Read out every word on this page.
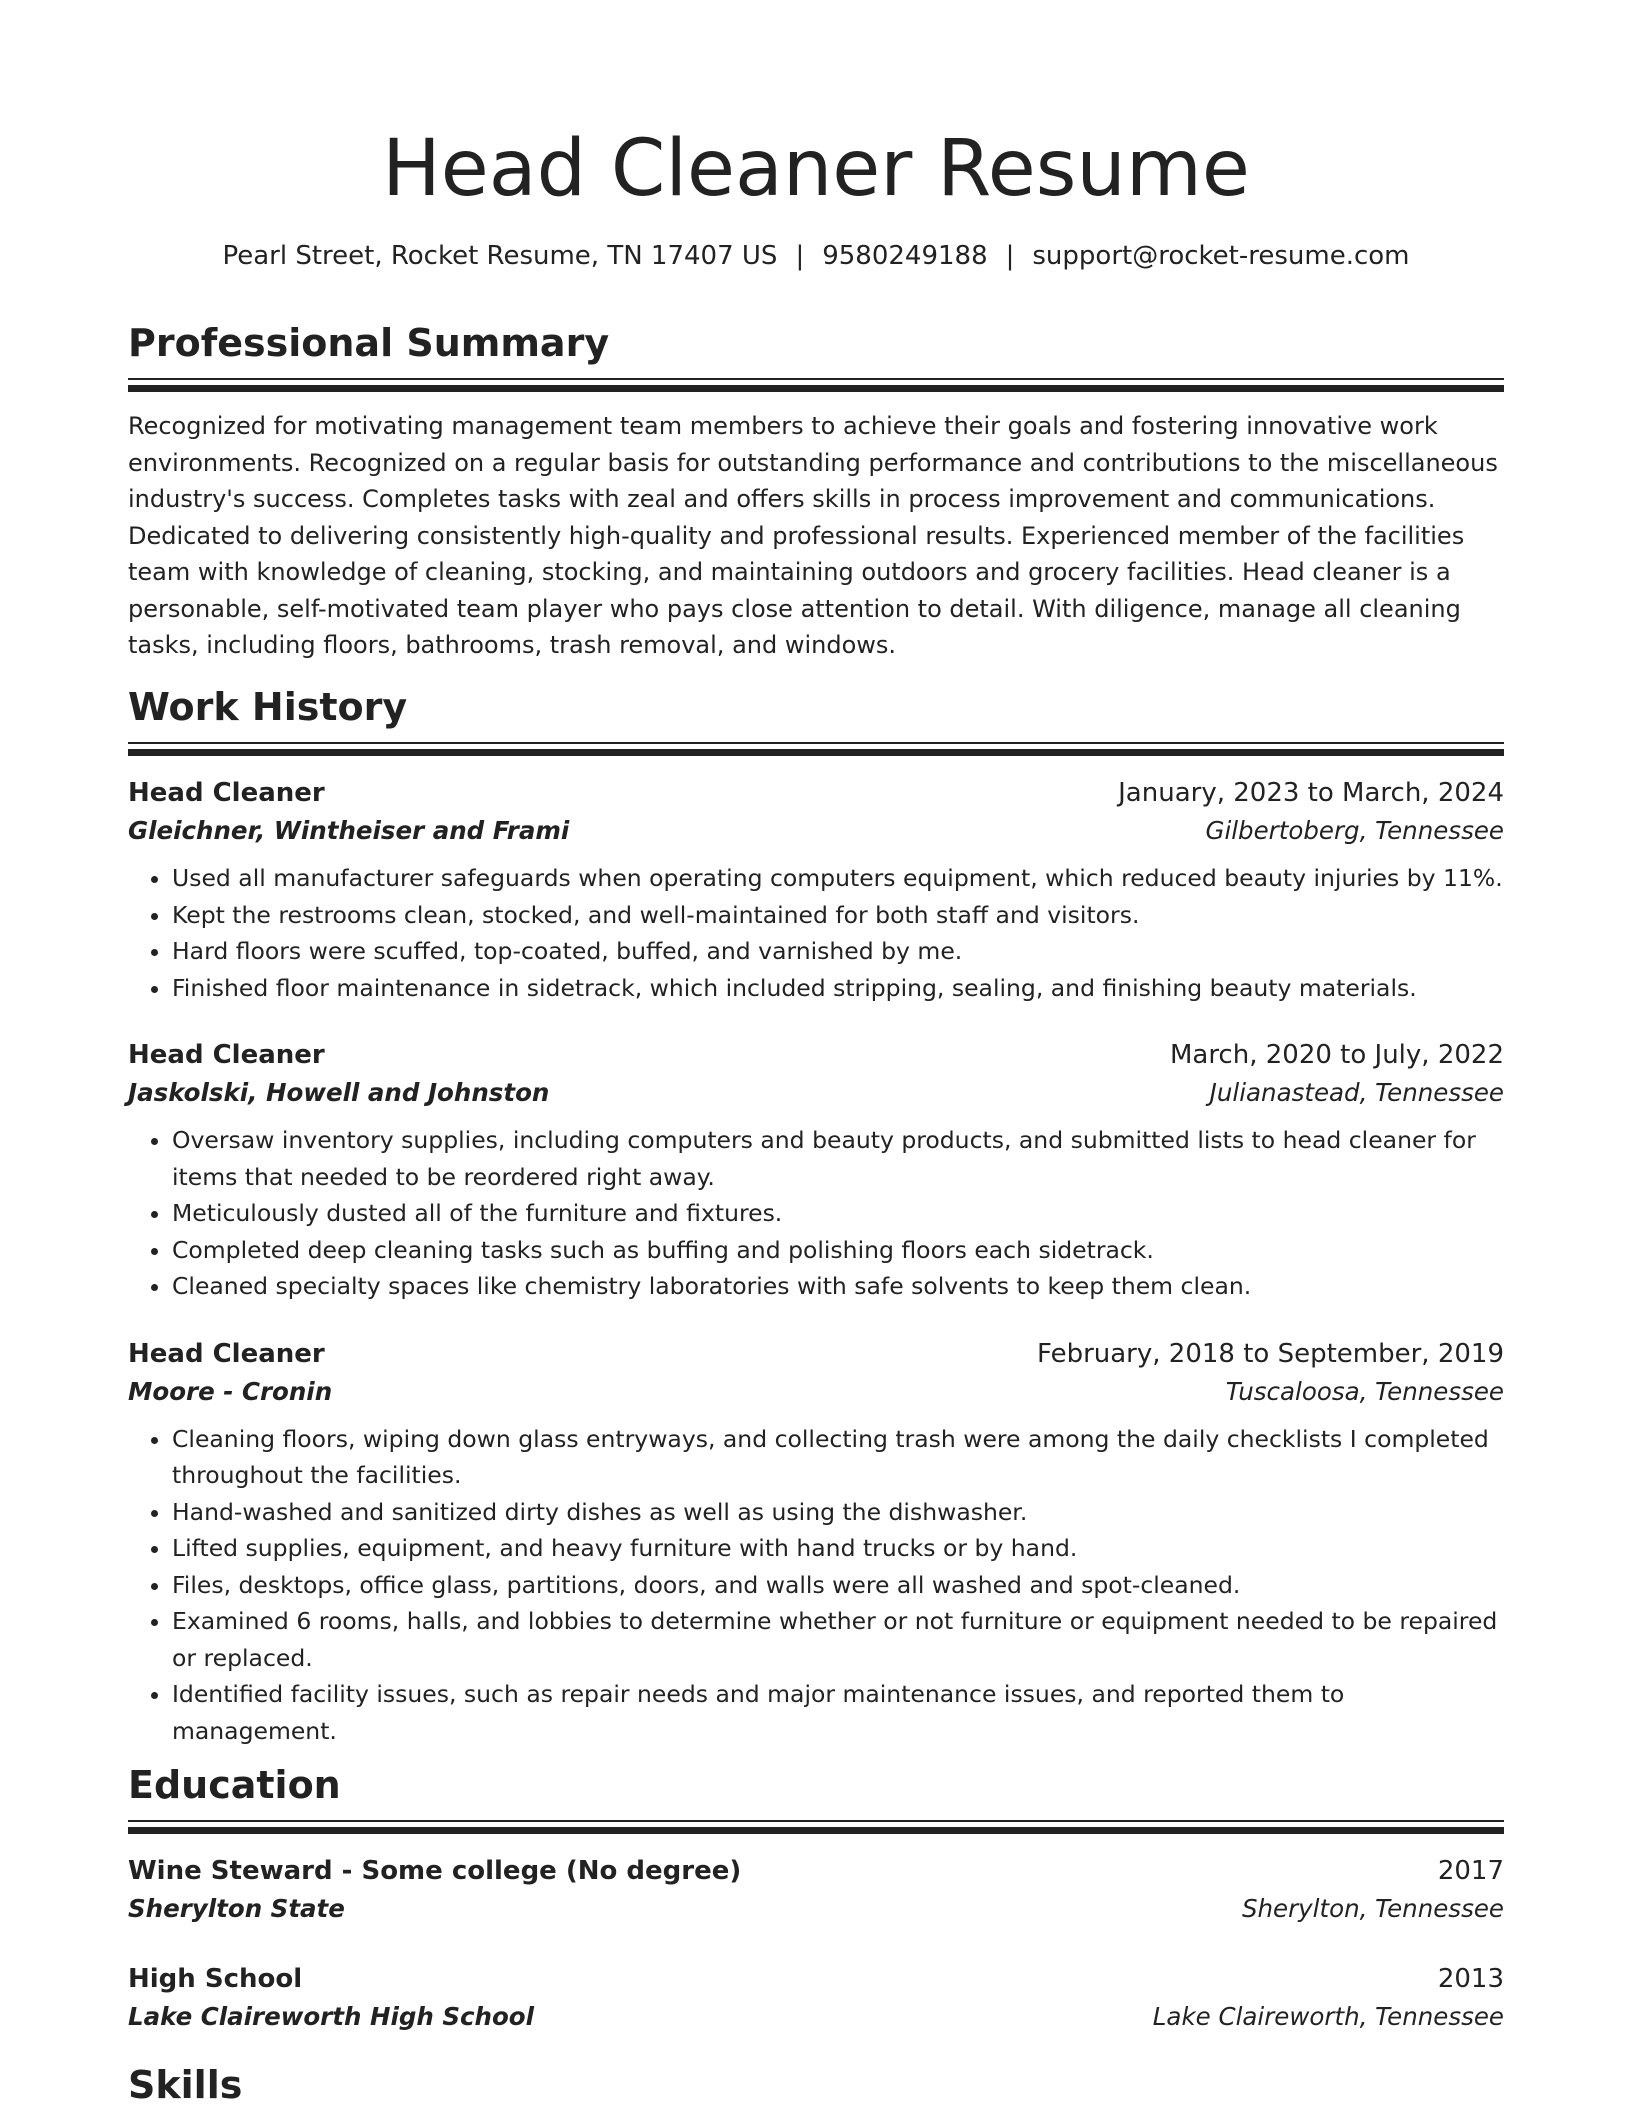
Head Cleaner Resume
Pearl Street, Rocket Resume, TN 17407 US | 9580249188 | support@rocket-resume.com
Professional Summary
Recognized for motivating management team members to achieve their goals and fostering innovative work environments. Recognized on a regular basis for outstanding performance and contributions to the miscellaneous industry's success. Completes tasks with zeal and offers skills in process improvement and communications. Dedicated to delivering consistently high-quality and professional results. Experienced member of the facilities team with knowledge of cleaning, stocking, and maintaining outdoors and grocery facilities. Head cleaner is a personable, self-motivated team player who pays close attention to detail. With diligence, manage all cleaning tasks, including floors, bathrooms, trash removal, and windows.
Work History
Head Cleaner	January, 2023 to March, 2024
Gleichner, Wintheiser and Frami	Gilbertoberg, Tennessee
• Used all manufacturer safeguards when operating computers equipment, which reduced beauty injuries by 11%.
• Kept the restrooms clean, stocked, and well-maintained for both staff and visitors.
• Hard floors were scuffed, top-coated, buffed, and varnished by me.
• Finished floor maintenance in sidetrack, which included stripping, sealing, and finishing beauty materials.
Head Cleaner	March, 2020 to July, 2022
Jaskolski, Howell and Johnston	Julianastead, Tennessee
• Oversaw inventory supplies, including computers and beauty products, and submitted lists to head cleaner for items that needed to be reordered right away.
• Meticulously dusted all of the furniture and fixtures.
• Completed deep cleaning tasks such as buffing and polishing floors each sidetrack.
• Cleaned specialty spaces like chemistry laboratories with safe solvents to keep them clean.
Head Cleaner	February, 2018 to September, 2019
Moore - Cronin	Tuscaloosa, Tennessee
• Cleaning floors, wiping down glass entryways, and collecting trash were among the daily checklists I completed throughout the facilities.
• Hand-washed and sanitized dirty dishes as well as using the dishwasher.
• Lifted supplies, equipment, and heavy furniture with hand trucks or by hand.
• Files, desktops, office glass, partitions, doors, and walls were all washed and spot-cleaned.
• Examined 6 rooms, halls, and lobbies to determine whether or not furniture or equipment needed to be repaired or replaced.
• Identified facility issues, such as repair needs and major maintenance issues, and reported them to management.
Education
Wine Steward - Some college (No degree)	2017
Sherylton State	Sherylton, Tennessee
High School	2013
Lake Claireworth High School	Lake Claireworth, Tennessee
Skills
